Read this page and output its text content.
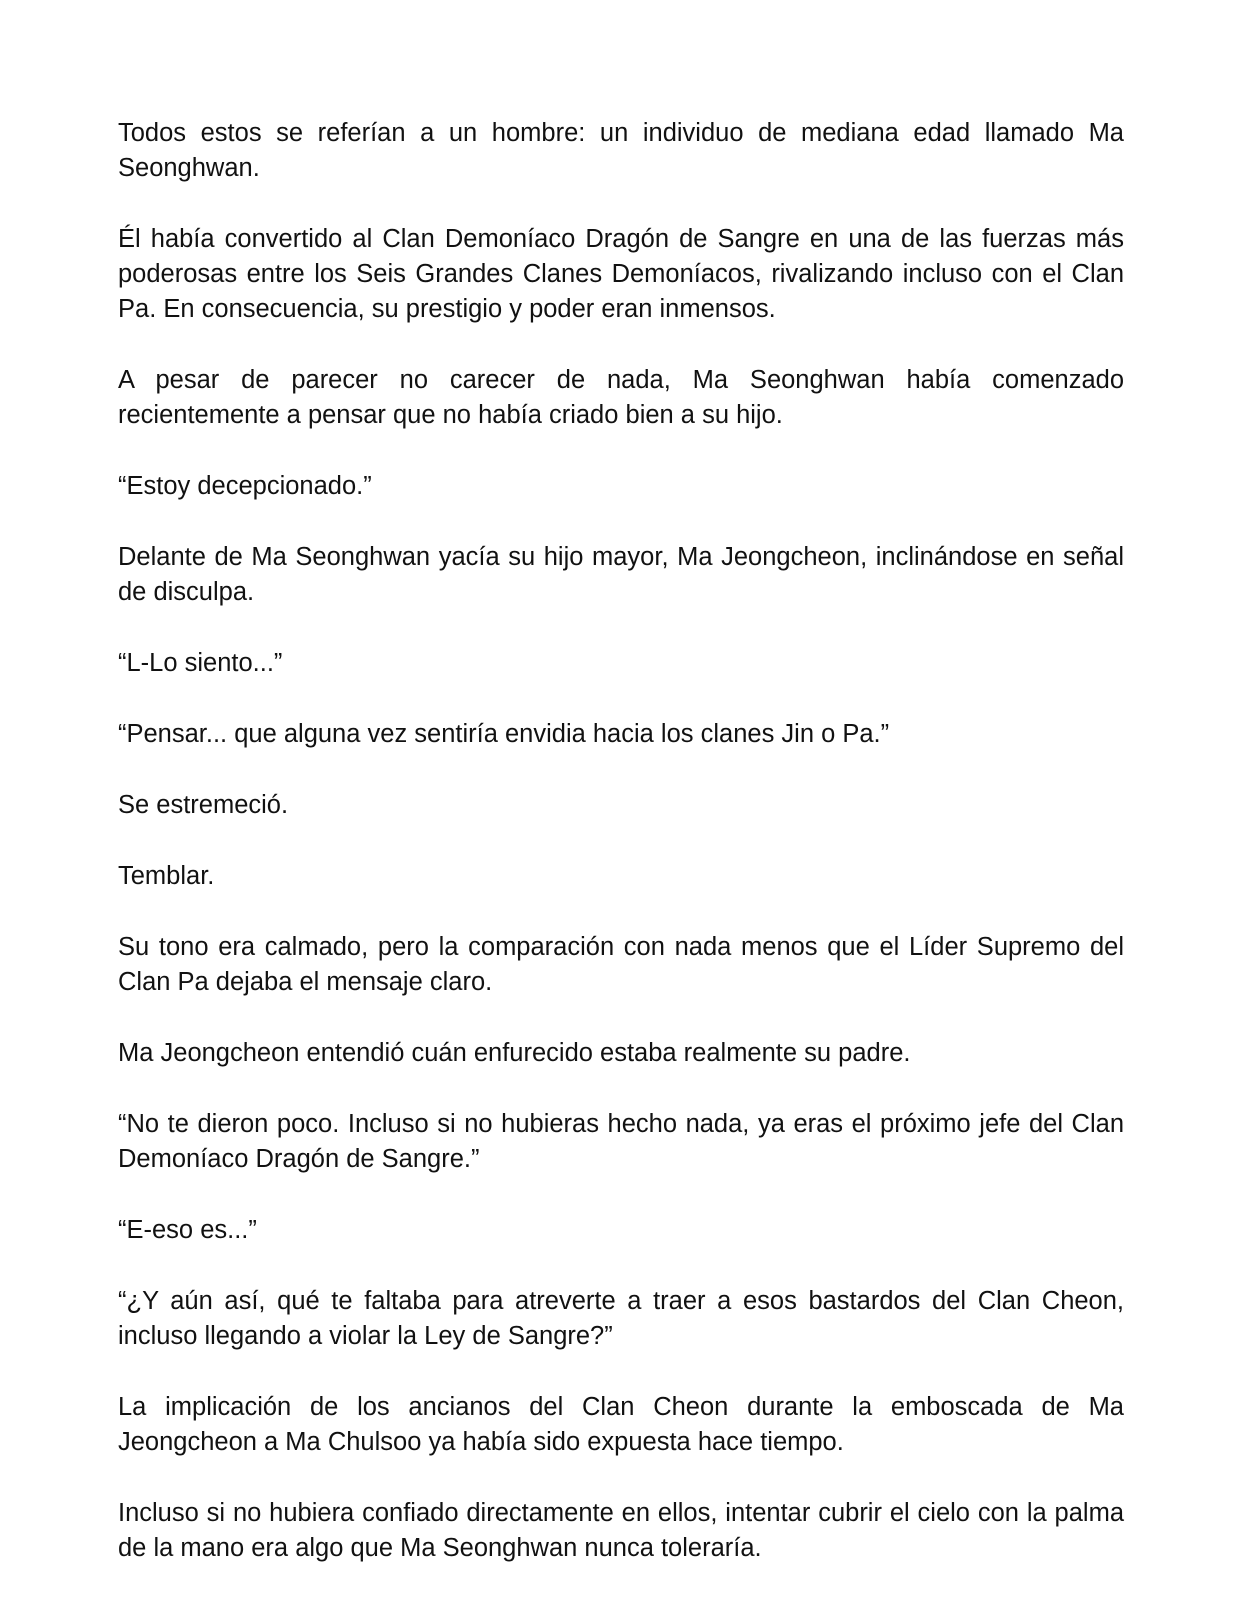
Todos estos se referían a un hombre: un individuo de mediana edad llamado Ma Seonghwan.

Él había convertido al Clan Demoníaco Dragón de Sangre en una de las fuerzas más poderosas entre los Seis Grandes Clanes Demoníacos, rivalizando incluso con el Clan Pa. En consecuencia, su prestigio y poder eran inmensos.

A pesar de parecer no carecer de nada, Ma Seonghwan había comenzado recientemente a pensar que no había criado bien a su hijo.

“Estoy decepcionado.”

Delante de Ma Seonghwan yacía su hijo mayor, Ma Jeongcheon, inclinándose en señal de disculpa.

“L-Lo siento...”

“Pensar... que alguna vez sentiría envidia hacia los clanes Jin o Pa.”

Se estremeció.

Temblar.

Su tono era calmado, pero la comparación con nada menos que el Líder Supremo del Clan Pa dejaba el mensaje claro.

Ma Jeongcheon entendió cuán enfurecido estaba realmente su padre.

“No te dieron poco. Incluso si no hubieras hecho nada, ya eras el próximo jefe del Clan Demoníaco Dragón de Sangre.”

“E-eso es...”

“¿Y aún así, qué te faltaba para atreverte a traer a esos bastardos del Clan Cheon, incluso llegando a violar la Ley de Sangre?”

La implicación de los ancianos del Clan Cheon durante la emboscada de Ma Jeongcheon a Ma Chulsoo ya había sido expuesta hace tiempo.

Incluso si no hubiera confiado directamente en ellos, intentar cubrir el cielo con la palma de la mano era algo que Ma Seonghwan nunca toleraría.
